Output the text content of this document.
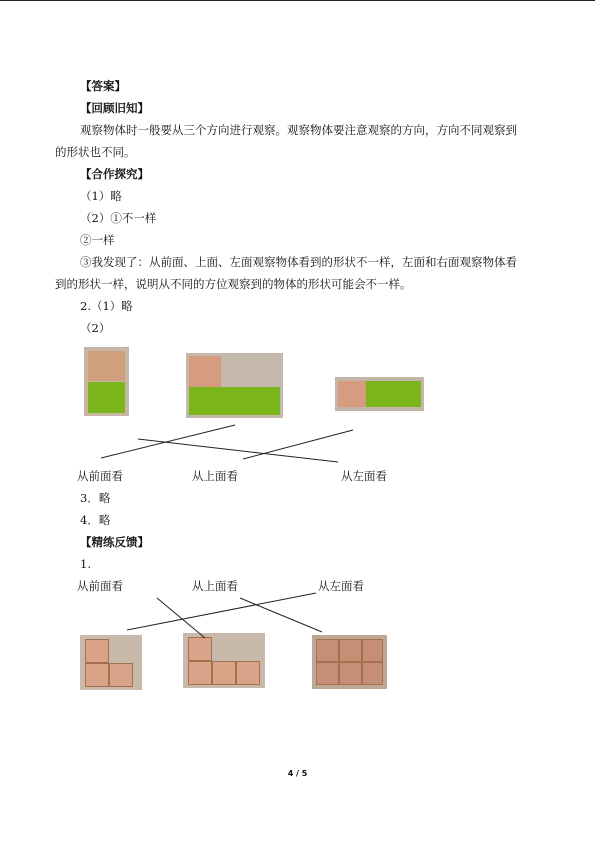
【答案】
【回顾旧知】
观察物体时一般要从三个方向进行观察。观察物体要注意观察的方向，方向不同观察到
的形状也不同。
【合作探究】
（1）略
（2）①不一样
②一样
③我发现了：从前面、上面、左面观察物体看到的形状不一样，左面和右面观察物体看
到的形状一样，说明从不同的方位观察到的物体的形状可能会不一样。
2.（1）略
（2）
从前面看	从上面看	从左面看
3．略
4．略
【精练反馈】
1.
从前面看	从上面看	从左面看
4 / 5
